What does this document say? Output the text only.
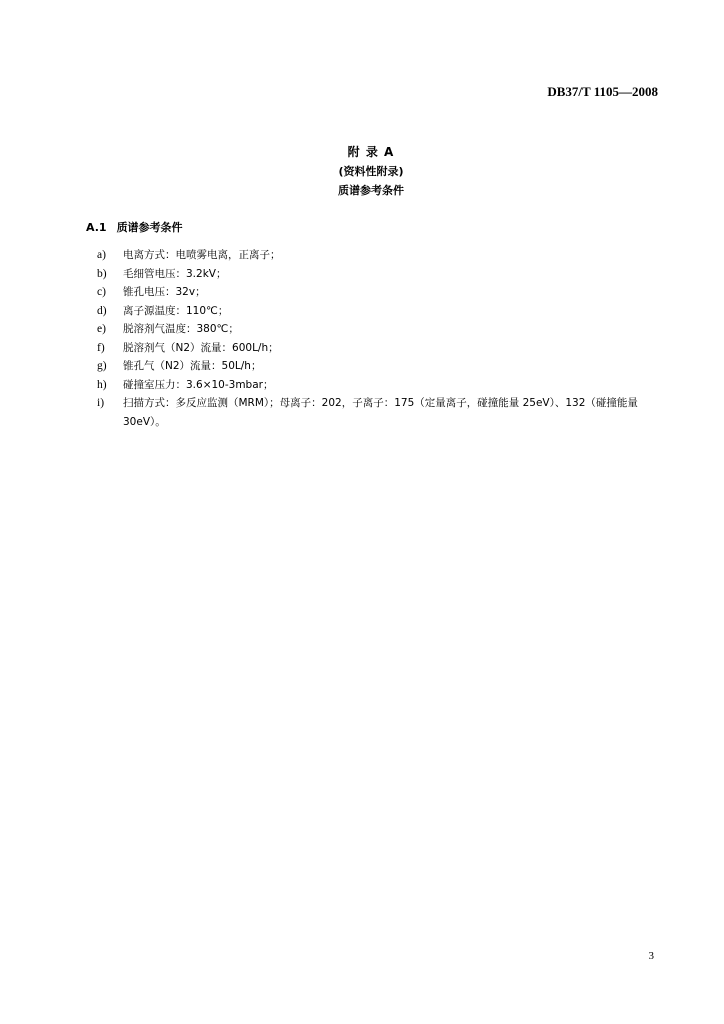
DB37/T 1105—2008
附 录 A
(资料性附录)
质谱参考条件
A.1 质谱参考条件
a) 电离方式：电喷雾电离，正离子；
b) 毛细管电压：3.2kV；
c) 锥孔电压：32v；
d) 离子源温度：110℃；
e) 脱溶剂气温度：380℃；
f) 脱溶剂气（N2）流量：600L/h；
g) 锥孔气（N2）流量：50L/h；
h) 碰撞室压力：3.6×10-3mbar；
i) 扫描方式：多反应监测（MRM）；母离子：202，子离子：175（定量离子，碰撞能量 25eV）、132（碰撞能量 30eV）。
3
